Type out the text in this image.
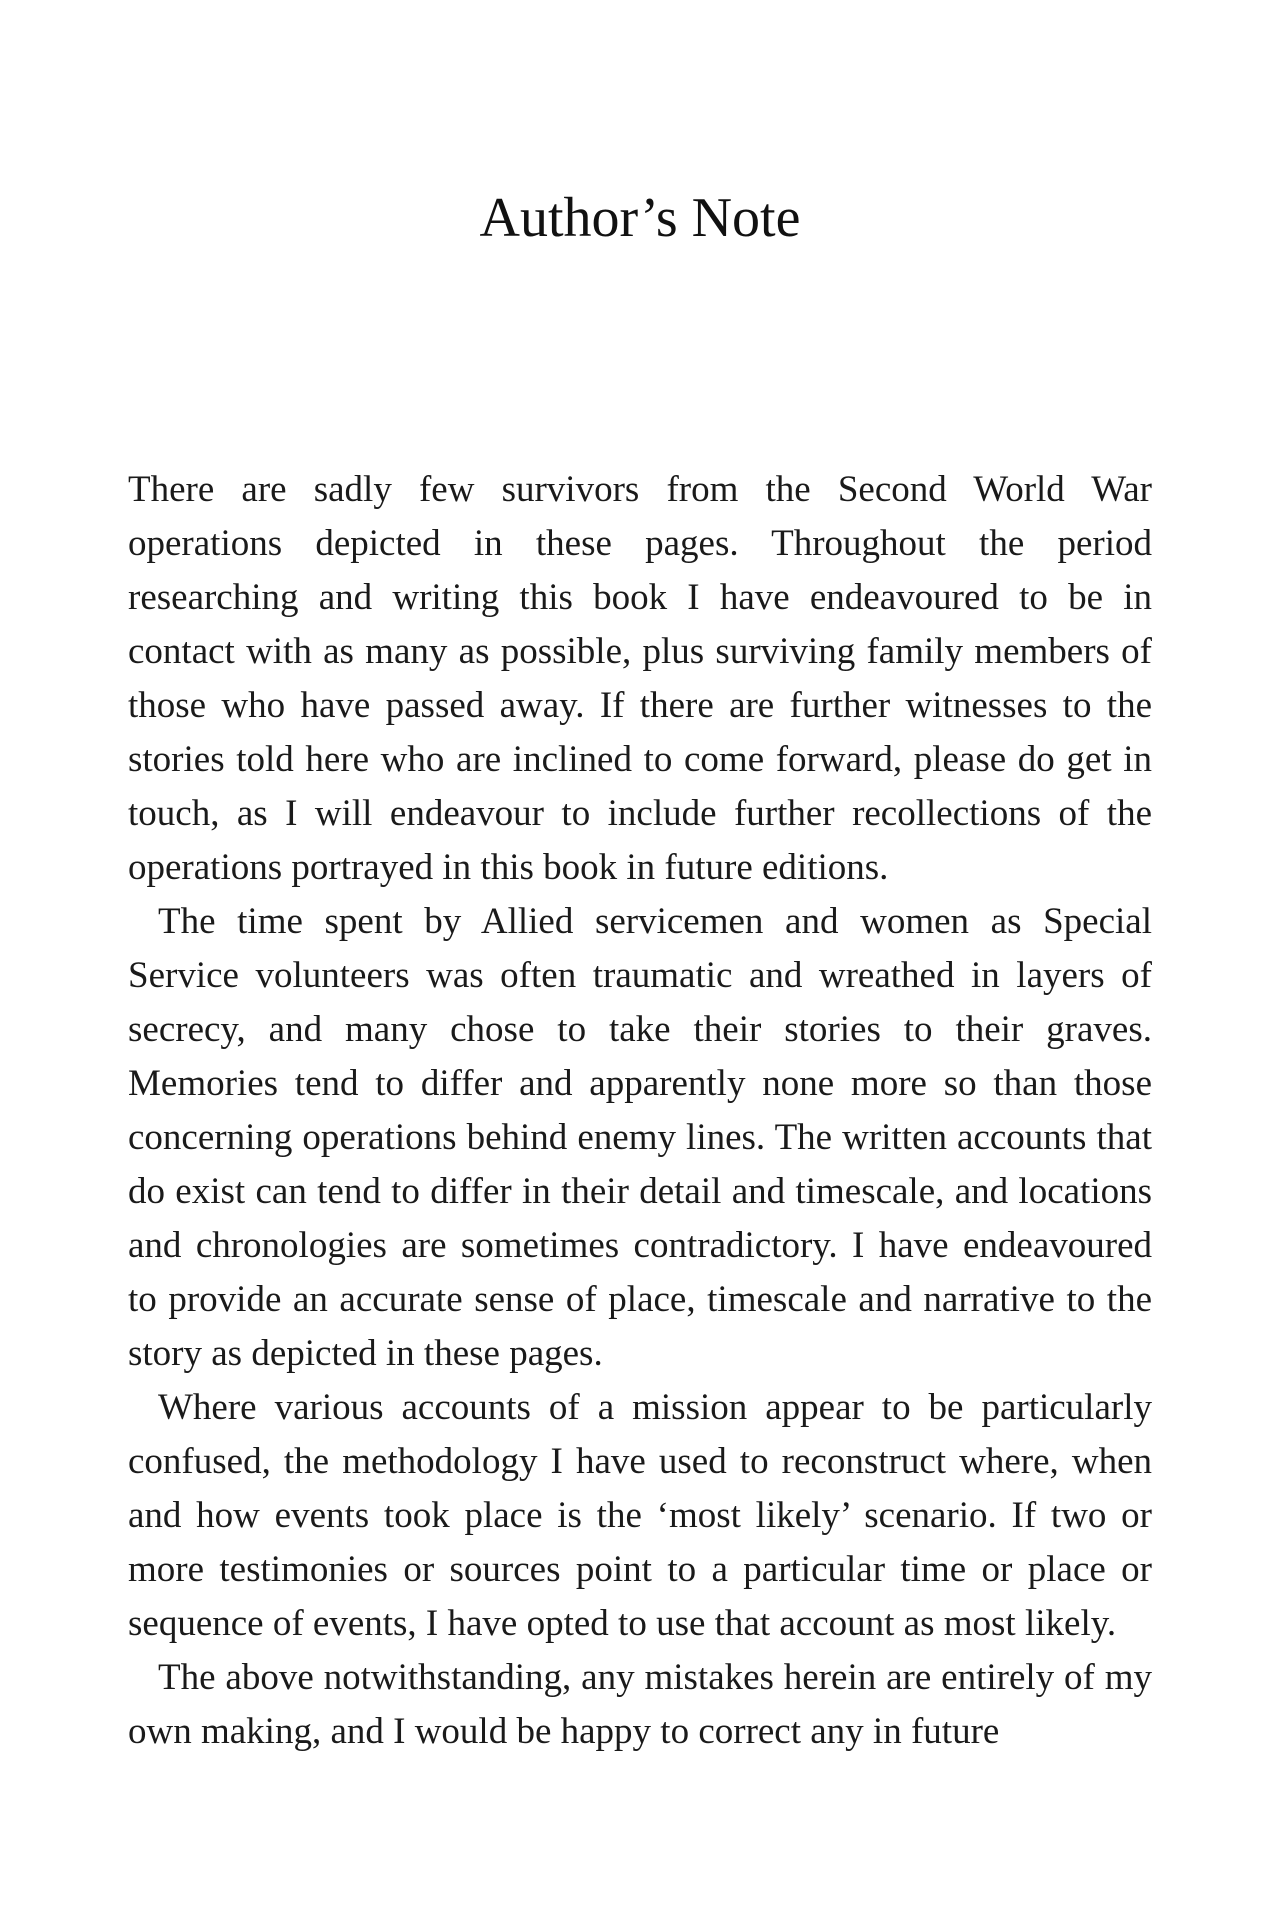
Author’s Note

There are sadly few survivors from the Second World War operations depicted in these pages. Throughout the period researching and writing this book I have endeavoured to be in contact with as many as possible, plus surviving family members of those who have passed away. If there are further witnesses to the stories told here who are inclined to come forward, please do get in touch, as I will endeavour to include further recollections of the operations portrayed in this book in future editions.

The time spent by Allied servicemen and women as Special Service volunteers was often traumatic and wreathed in layers of secrecy, and many chose to take their stories to their graves. Memories tend to differ and apparently none more so than those concerning operations behind enemy lines. The written accounts that do exist can tend to differ in their detail and timescale, and locations and chronologies are sometimes contradictory. I have endeavoured to provide an accurate sense of place, timescale and narrative to the story as depicted in these pages.

Where various accounts of a mission appear to be particularly confused, the methodology I have used to reconstruct where, when and how events took place is the ‘most likely’ scenario. If two or more testimonies or sources point to a particular time or place or sequence of events, I have opted to use that account as most likely.

The above notwithstanding, any mistakes herein are entirely of my own making, and I would be happy to correct any in future
